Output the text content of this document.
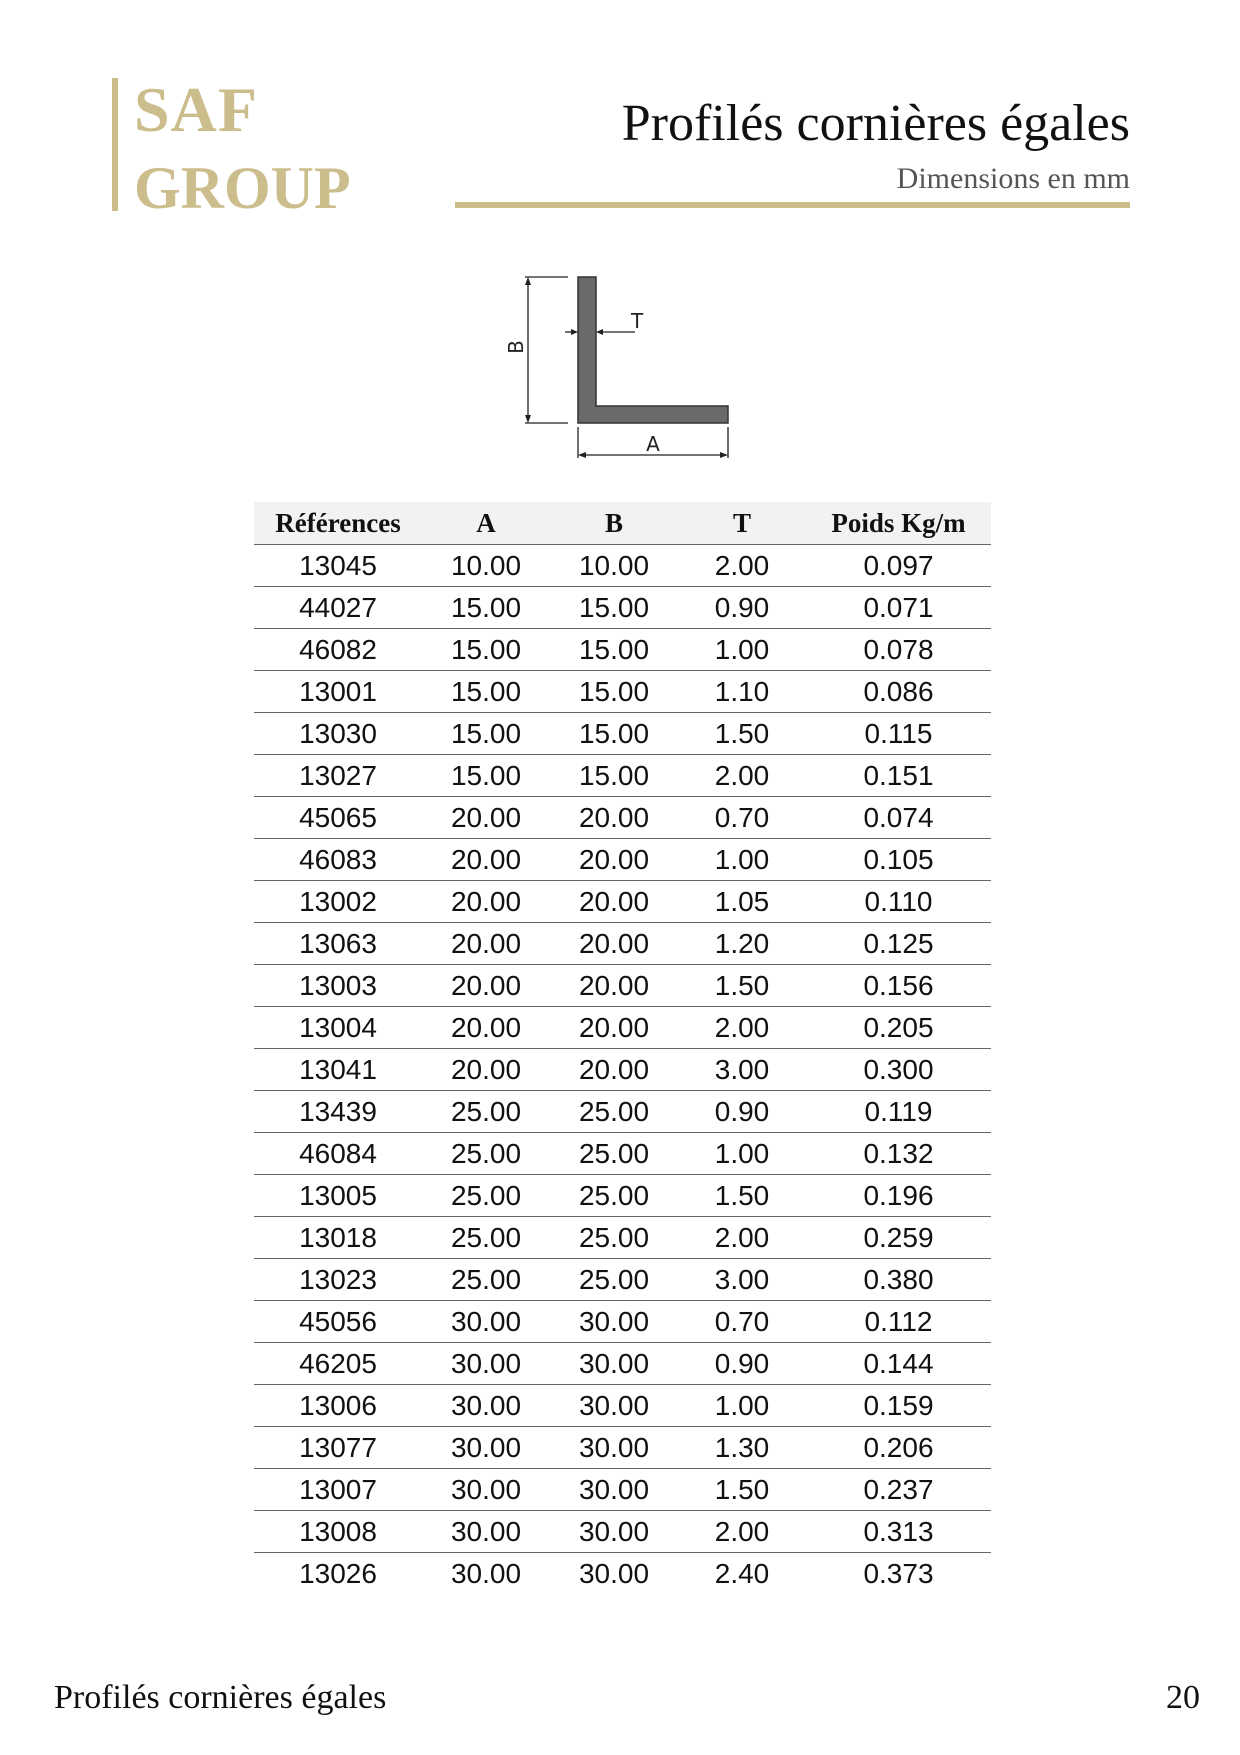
SAF
GROUP
Profilés cornières égales
Dimensions en mm
B
T
A
Références	A	B	T	Poids Kg/m
13045	10.00	10.00	2.00	0.097
44027	15.00	15.00	0.90	0.071
46082	15.00	15.00	1.00	0.078
13001	15.00	15.00	1.10	0.086
13030	15.00	15.00	1.50	0.115
13027	15.00	15.00	2.00	0.151
45065	20.00	20.00	0.70	0.074
46083	20.00	20.00	1.00	0.105
13002	20.00	20.00	1.05	0.110
13063	20.00	20.00	1.20	0.125
13003	20.00	20.00	1.50	0.156
13004	20.00	20.00	2.00	0.205
13041	20.00	20.00	3.00	0.300
13439	25.00	25.00	0.90	0.119
46084	25.00	25.00	1.00	0.132
13005	25.00	25.00	1.50	0.196
13018	25.00	25.00	2.00	0.259
13023	25.00	25.00	3.00	0.380
45056	30.00	30.00	0.70	0.112
46205	30.00	30.00	0.90	0.144
13006	30.00	30.00	1.00	0.159
13077	30.00	30.00	1.30	0.206
13007	30.00	30.00	1.50	0.237
13008	30.00	30.00	2.00	0.313
13026	30.00	30.00	2.40	0.373
Profilés cornières égales	20
